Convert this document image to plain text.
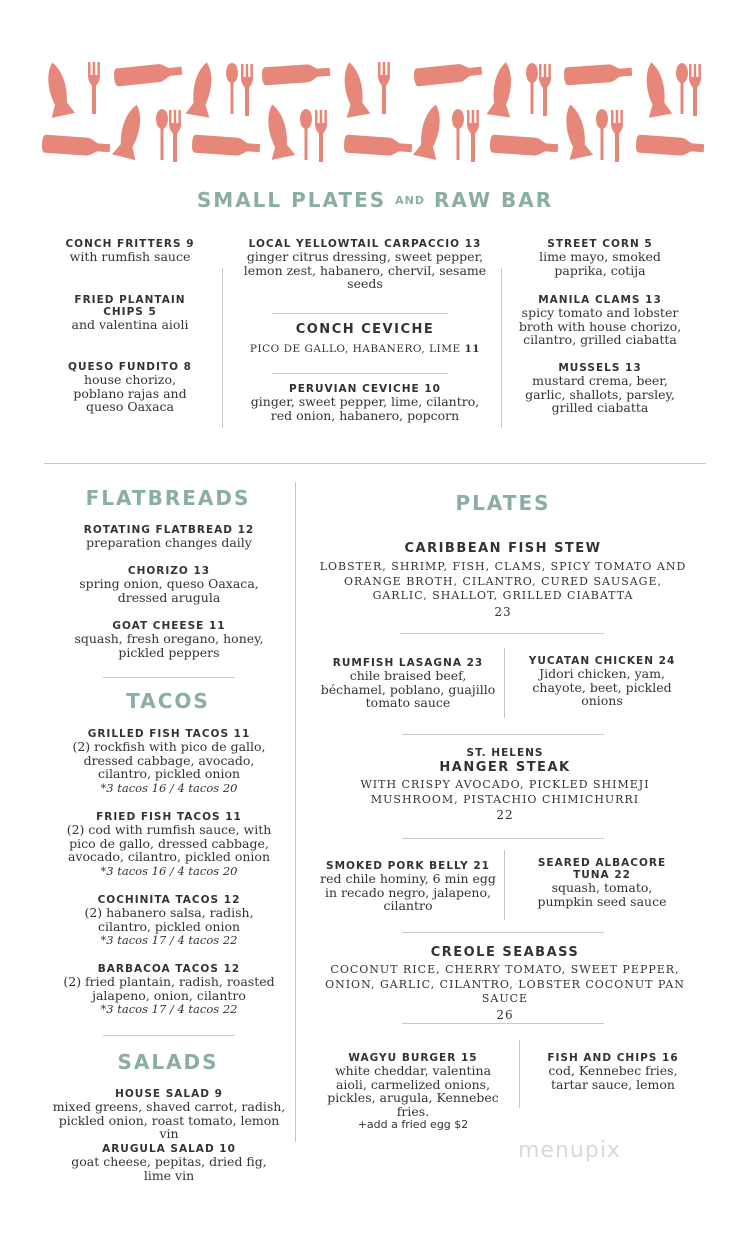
SMALL PLATES AND RAW BAR
CONCH FRITTERS 9
with rumfish sauce
FRIED PLANTAIN CHIPS 5
and valentina aioli
QUESO FUNDITO 8
house chorizo, poblano rajas and queso Oaxaca
LOCAL YELLOWTAIL CARPACCIO 13
ginger citrus dressing, sweet pepper, lemon zest, habanero, chervil, sesame seeds
CONCH CEVICHE
PICO DE GALLO, HABANERO, LIME 11
PERUVIAN CEVICHE 10
ginger, sweet pepper, lime, cilantro, red onion, habanero, popcorn
STREET CORN 5
lime mayo, smoked paprika, cotija
MANILA CLAMS 13
spicy tomato and lobster broth with house chorizo, cilantro, grilled ciabatta
MUSSELS 13
mustard crema, beer, garlic, shallots, parsley, grilled ciabatta
FLATBREADS
ROTATING FLATBREAD 12
preparation changes daily
CHORIZO 13
spring onion, queso Oaxaca, dressed arugula
GOAT CHEESE 11
squash, fresh oregano, honey, pickled peppers
TACOS
GRILLED FISH TACOS 11
(2) rockfish with pico de gallo, dressed cabbage, avocado, cilantro, pickled onion
*3 tacos 16 / 4 tacos 20
FRIED FISH TACOS 11
(2) cod with rumfish sauce, with pico de gallo, dressed cabbage, avocado, cilantro, pickled onion
*3 tacos 16 / 4 tacos 20
COCHINITA TACOS 12
(2) habanero salsa, radish, cilantro, pickled onion
*3 tacos 17 / 4 tacos 22
BARBACOA TACOS 12
(2) fried plantain, radish, roasted jalapeno, onion, cilantro
*3 tacos 17 / 4 tacos 22
SALADS
HOUSE SALAD 9
mixed greens, shaved carrot, radish, pickled onion, roast tomato, lemon vin
ARUGULA SALAD 10
goat cheese, pepitas, dried fig, lime vin
PLATES
CARIBBEAN FISH STEW
LOBSTER, SHRIMP, FISH, CLAMS, SPICY TOMATO AND ORANGE BROTH, CILANTRO, CURED SAUSAGE, GARLIC, SHALLOT, GRILLED CIABATTA
23
RUMFISH LASAGNA 23
chile braised beef, béchamel, poblano, guajillo tomato sauce
YUCATAN CHICKEN 24
Jidori chicken, yam, chayote, beet, pickled onions
ST. HELENS
HANGER STEAK
WITH CRISPY AVOCADO, PICKLED SHIMEJI MUSHROOM, PISTACHIO CHIMICHURRI
22
SMOKED PORK BELLY 21
red chile hominy, 6 min egg in recado negro, jalapeno, cilantro
SEARED ALBACORE TUNA 22
squash, tomato, pumpkin seed sauce
CREOLE SEABASS
COCONUT RICE, CHERRY TOMATO, SWEET PEPPER, ONION, GARLIC, CILANTRO, LOBSTER COCONUT PAN SAUCE
26
WAGYU BURGER 15
white cheddar, valentina aioli, carmelized onions, pickles, arugula, Kennebec fries.
+add a fried egg $2
FISH AND CHIPS 16
cod, Kennebec fries, tartar sauce, lemon
menupix
